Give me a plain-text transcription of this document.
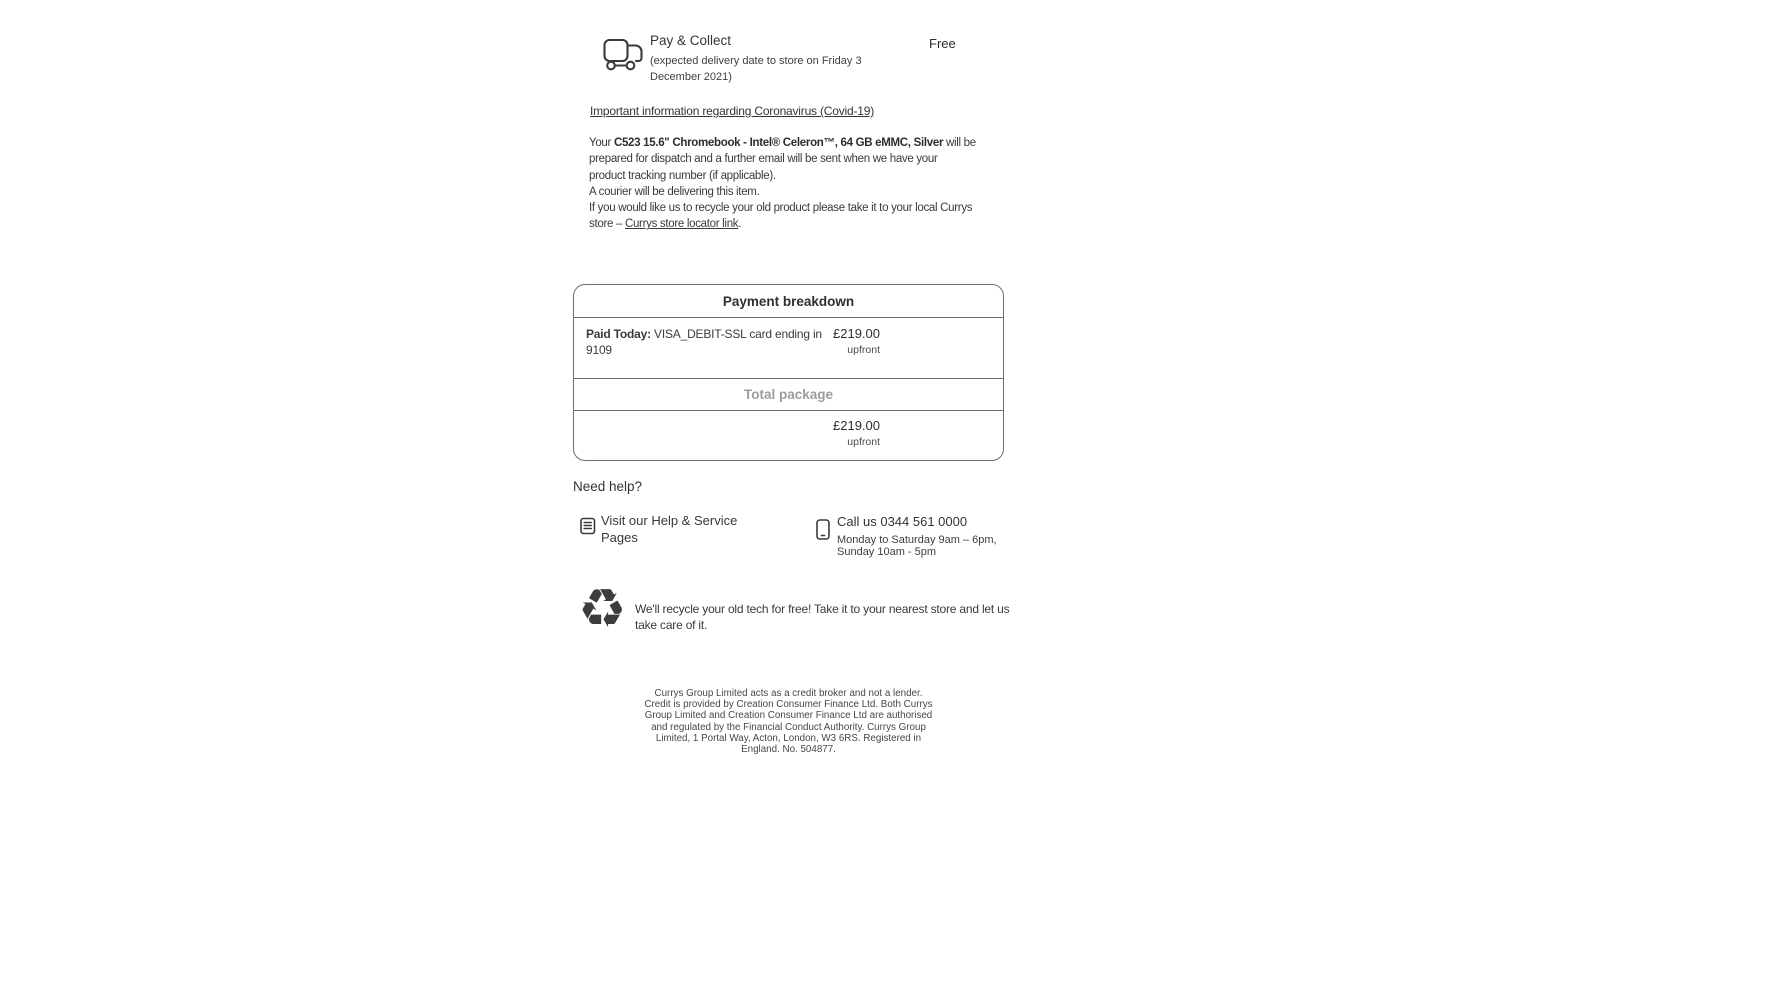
Pay & Collect
(expected delivery date to store on Friday 3
December 2021)
Free
Important information regarding Coronavirus (Covid-19)
Your C523 15.6" Chromebook - Intel® Celeron™, 64 GB eMMC, Silver will be
prepared for dispatch and a further email will be sent when we have your
product tracking number (if applicable).
A courier will be delivering this item.
If you would like us to recycle your old product please take it to your local Currys
store – Currys store locator link.
Payment breakdown
Paid Today: VISA_DEBIT-SSL card ending in 9109
£219.00
upfront
Total package
£219.00
upfront
Need help?
Visit our Help & Service
Pages
Call us 0344 561 0000
Monday to Saturday 9am – 6pm,
Sunday 10am - 5pm
♻ We'll recycle your old tech for free! Take it to your nearest store and let us
take care of it.
Currys Group Limited acts as a credit broker and not a lender.
Credit is provided by Creation Consumer Finance Ltd. Both Currys
Group Limited and Creation Consumer Finance Ltd are authorised
and regulated by the Financial Conduct Authority. Currys Group
Limited, 1 Portal Way, Acton, London, W3 6RS. Registered in
England. No. 504877.
